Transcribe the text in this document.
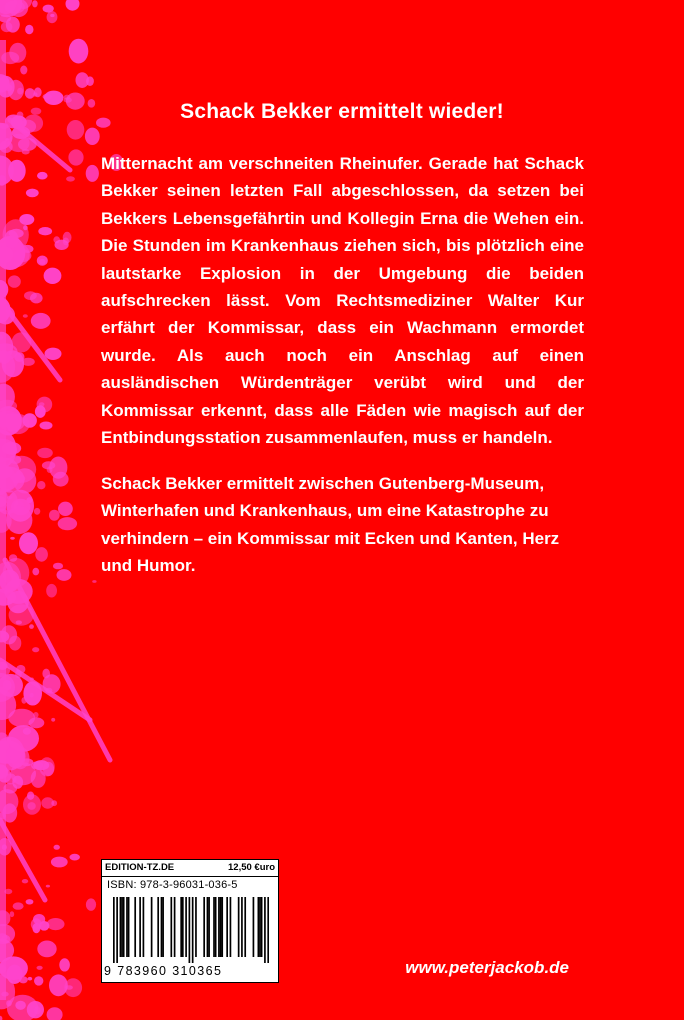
Schack Bekker ermittelt wieder!

Mitternacht am verschneiten Rheinufer. Gerade hat Schack Bekker seinen letzten Fall abgeschlossen, da setzen bei Bekkers Lebensgefährtin und Kollegin Erna die Wehen ein. Die Stunden im Krankenhaus ziehen sich, bis plötzlich eine lautstarke Explosion in der Umgebung die beiden aufschrecken lässt. Vom Rechtsmediziner Walter Kur erfährt der Kommissar, dass ein Wachmann ermordet wurde. Als auch noch ein Anschlag auf einen ausländischen Würdenträger verübt wird und der Kommissar erkennt, dass alle Fäden wie magisch auf der Entbindungsstation zusammenlaufen, muss er handeln.

Schack Bekker ermittelt zwischen Gutenberg-Museum, Winterhafen und Krankenhaus, um eine Katastrophe zu verhindern – ein Kommissar mit Ecken und Kanten, Herz und Humor.

EDITION-TZ.DE	12,50 €uro
ISBN: 978-3-96031-036-5
9 783960 310365	www.peterjackob.de
